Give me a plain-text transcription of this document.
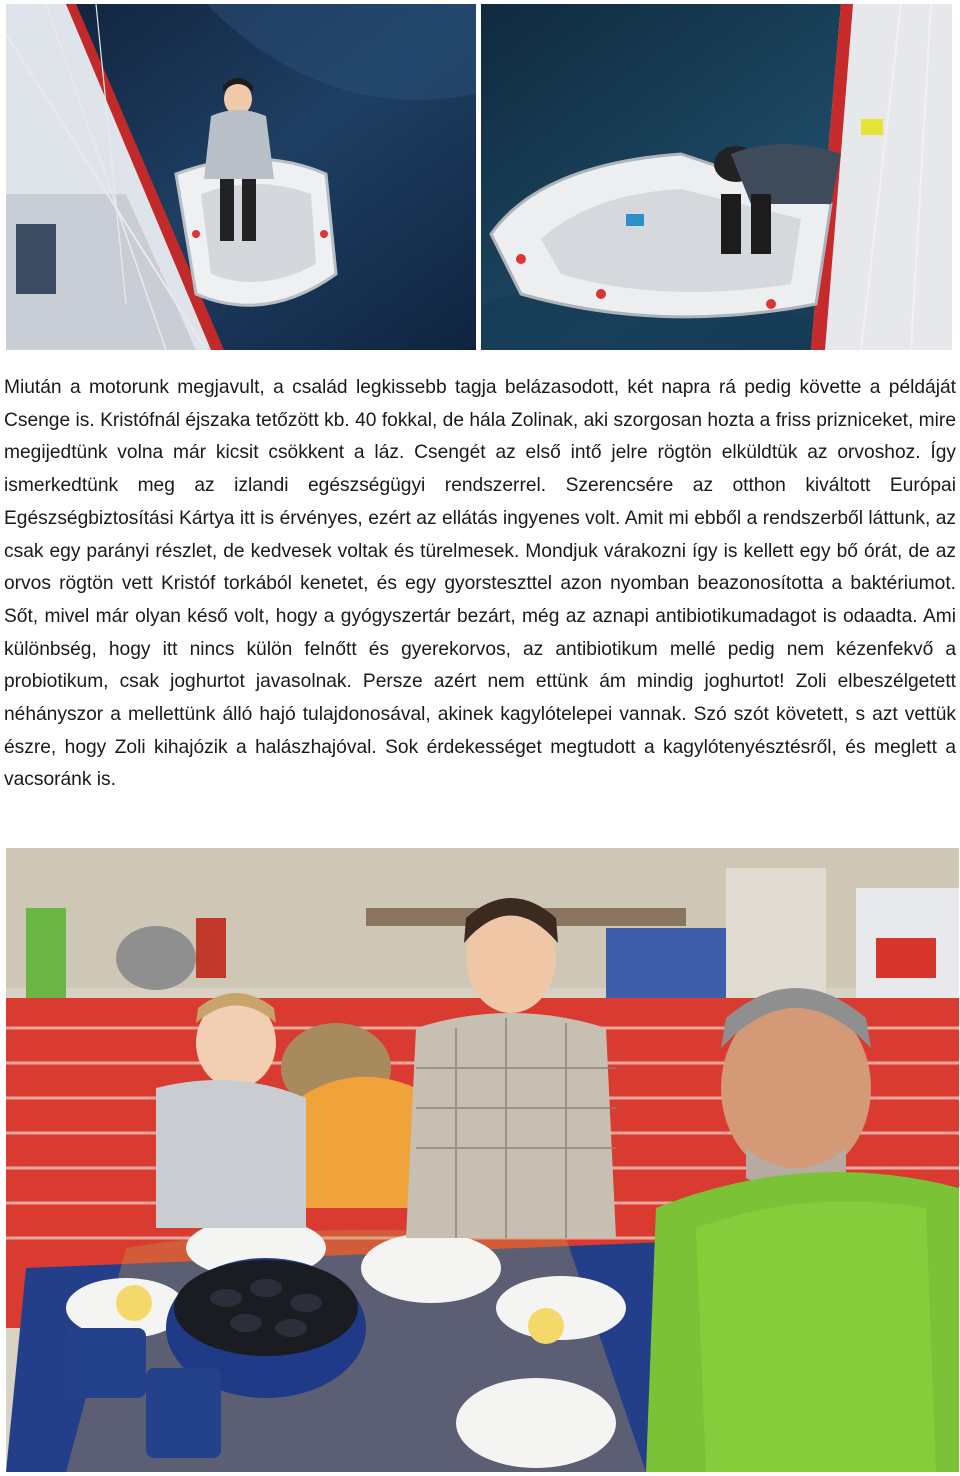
Miután a motorunk megjavult, a család legkissebb tagja belázasodott, két napra rá pedig követte a példáját Csenge is. Kristófnál éjszaka tetőzött kb. 40 fokkal, de hála Zolinak, aki szorgosan hozta a friss prizniceket, mire megijedtünk volna már kicsit csökkent a láz. Csengét az első intő jelre rögtön elküldtük az orvoshoz. Így ismerkedtünk meg az izlandi egészségügyi rendszerrel. Szerencsére az otthon kiváltott Európai Egészségbiztosítási Kártya itt is érvényes, ezért az ellátás ingyenes volt. Amit mi ebből a rendszerből láttunk, az csak egy parányi részlet, de kedvesek voltak és türelmesek. Mondjuk várakozni így is kellett egy bő órát, de az orvos rögtön vett Kristóf torkából kenetet, és egy gyorsteszttel azon nyomban beazonosította a baktériumot. Sőt, mivel már olyan késő volt, hogy a gyógyszertár bezárt, még az aznapi antibiotikumadagot is odaadta. Ami különbség, hogy itt nincs külön felnőtt és gyerekorvos, az antibiotikum mellé pedig nem kézenfekvő a probiotikum, csak joghurtot javasolnak. Persze azért nem ettünk ám mindig joghurtot! Zoli elbeszélgetett néhányszor a mellettünk álló hajó tulajdonosával, akinek kagylótelepei vannak. Szó szót követett, s azt vettük észre, hogy Zoli kihajózik a halászhajóval. Sok érdekességet megtudott a kagylótenyésztésről, és meglett a vacsoránk is.
